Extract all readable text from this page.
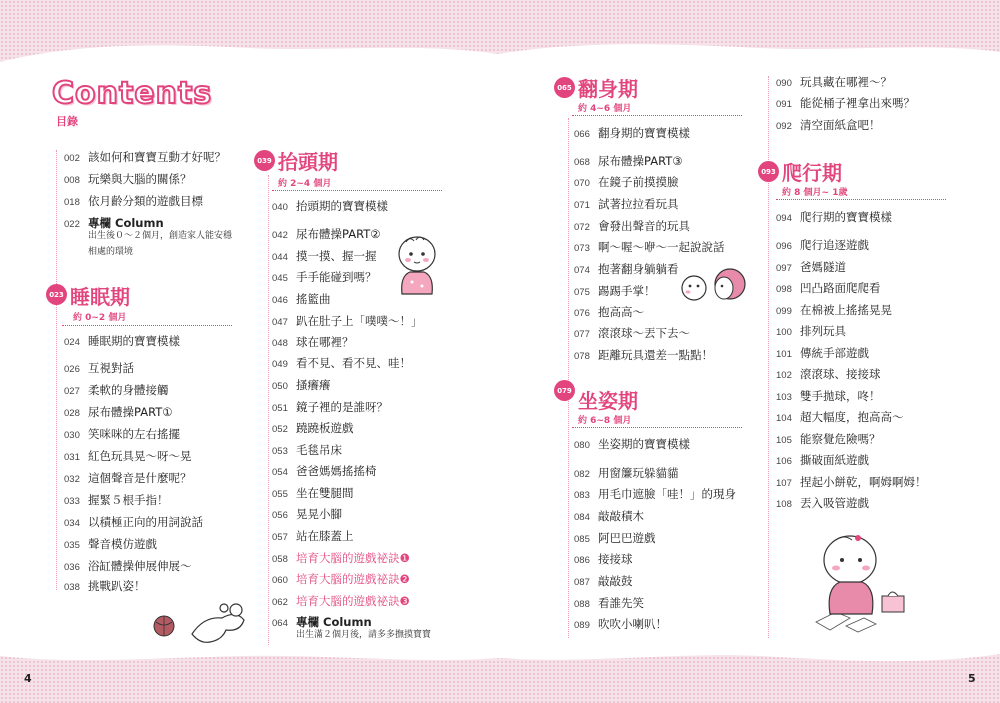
4	5
Contents
目錄
002 該如何和寶寶互動才好呢？
008 玩樂與大腦的關係？
018 依月齡分類的遊戲目標
022 專欄 Column
出生後０～２個月，創造家人能安穩
相處的環境
023 睡眠期
約 0~2 個月
024 睡眠期的寶寶模樣
026 互視對話
027 柔軟的身體接觸
028 尿布體操PART①
030 笑咪咪的左右搖擺
031 紅色玩具晃～呀～晃
032 這個聲音是什麼呢？
033 握緊５根手指！
034 以積極正向的用詞說話
035 聲音模仿遊戲
036 浴缸體操伸展伸展～
038 挑戰趴姿！
039 抬頭期
約 2~4 個月
040 抬頭期的寶寶模樣
042 尿布體操PART②
044 摸一摸、握一握
045 手手能碰到嗎？
046 搖籃曲
047 趴在肚子上「噗噗～！」
048 球在哪裡？
049 看不見、看不見、哇！
050 搔癢癢
051 鏡子裡的是誰呀？
052 蹺蹺板遊戲
053 毛毯吊床
054 爸爸媽媽搖搖椅
055 坐在雙腿間
056 晃晃小腳
057 站在膝蓋上
058 培育大腦的遊戲祕訣❶
060 培育大腦的遊戲祕訣❷
062 培育大腦的遊戲祕訣❸
064 專欄 Column
出生滿２個月後，請多多撫摸寶寶
065 翻身期
約 4~6 個月
066 翻身期的寶寶模樣
068 尿布體操PART③
070 在鏡子前摸摸臉
071 試著拉拉看玩具
072 會發出聲音的玩具
073 啊～喔～咿～一起說說話
074 抱著翻身躺躺看
075 踢踢手掌！
076 抱高高～
077 滾滾球～丟下去～
078 距離玩具還差一點點！
079 坐姿期
約 6~8 個月
080 坐姿期的寶寶模樣
082 用窗簾玩躲貓貓
083 用毛巾遮臉「哇！」的現身
084 敲敲積木
085 阿巴巴遊戲
086 接接球
087 敲敲鼓
088 看誰先笑
089 吹吹小喇叭！
090 玩具藏在哪裡～？
091 能從桶子裡拿出來嗎？
092 清空面紙盒吧！
093 爬行期
約 8 個月~ 1歲
094 爬行期的寶寶模樣
096 爬行追逐遊戲
097 爸媽隧道
098 凹凸路面爬爬看
099 在棉被上搖搖晃晃
100 排列玩具
101 傳統手部遊戲
102 滾滾球、接接球
103 雙手拋球，咚！
104 超大幅度，抱高高～
105 能察覺危險嗎？
106 撕破面紙遊戲
107 捏起小餅乾，啊姆啊姆！
108 丟入吸管遊戲
